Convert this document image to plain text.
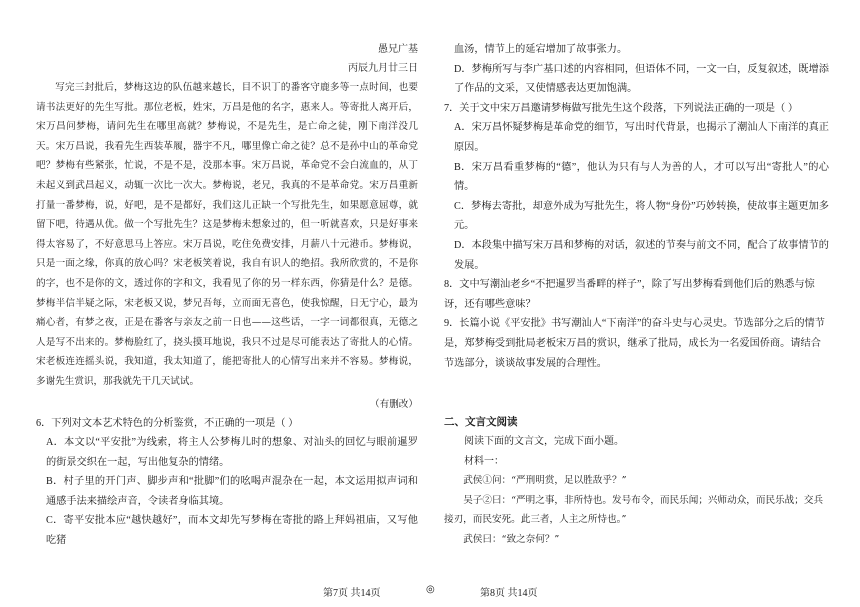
愚兄广基
丙辰九月廿三日

写完三封批后，梦梅这边的队伍越来越长，目不识丁的番客守鹿多等一点时间，也要请书法更好的先生写批。那位老板，姓宋，万昌是他的名字，惠来人。等寄批人离开后，宋万昌问梦梅，请问先生在哪里高就？梦梅说，不是先生，是亡命之徒，刚下南洋没几天。宋万昌说，我看先生西装革履，器宇不凡，哪里像亡命之徒？总不是孙中山的革命党吧？梦梅有些紧张，忙说，不是不是，没那本事。宋万昌说，革命党不会白流血的，从丁未起义到武昌起义，动辄一次比一次大。梦梅说，老兄，我真的不是革命党。宋万昌重新打量一番梦梅，说，好吧，是不是都好，我们这儿正缺一个写批先生，如果愿意屈尊，就留下吧，待遇从优。做一个写批先生？这是梦梅未想象过的，但一听就喜欢，只是好事来得太容易了，不好意思马上答应。宋万昌说，吃住免费安排，月薪八十元港币。梦梅说，只是一面之缘，你真的放心吗？宋老板笑着说，我自有识人的绝招。我所欣赏的，不是你的字，也不是你的文，透过你的字和文，我看见了你的另一样东西，你猜是什么？是德。梦梅半信半疑之际，宋老板又说，梦兄吾每，立而面无喜色，使我惊醒，日无宁心，最为痛心者，有梦之夜，正是在番客与亲友之前一日也——这些话，一字一词都很真，无德之人是写不出来的。梦梅脸红了，挠头摸耳地说，我只不过是尽可能表达了寄批人的心情。宋老板连连摇头说，我知道，我太知道了，能把寄批人的心情写出来并不容易。梦梅说，多谢先生赏识，那我就先干几天试试。

（有删改）

6．下列对文本艺术特色的分析鉴赏，不正确的一项是（ ）

A．本文以“平安批”为线索，将主人公梦梅儿时的想象、对汕头的回忆与眼前暹罗的街景交织在一起，写出他复杂的情绪。

B．村子里的开门声、脚步声和“批脚”们的吆喝声混杂在一起，本文运用拟声词和通感手法来描绘声音，令读者身临其境。

C．寄平安批本应“越快越好”，而本文却先写梦梅在寄批的路上拜妈祖庙，又写他吃猪

血汤，情节上的延宕增加了故事张力。

D．梦梅所写与李广基口述的内容相同，但语体不同，一文一白，反复叙述，既增添了作品的文采，又使情感表达更加饱满。

7．关于文中宋万昌邀请梦梅做写批先生这个段落，下列说法正确的一项是（ ）

A．宋万昌怀疑梦梅是革命党的细节，写出时代背景，也揭示了潮汕人下南洋的真正原因。

B．宋万昌看重梦梅的“德”，他认为只有与人为善的人，才可以写出“寄批人”的心情。

C．梦梅去寄批，却意外成为写批先生，将人物“身份”巧妙转换，使故事主题更加多元。

D．本段集中描写宋万昌和梦梅的对话，叙述的节奏与前文不同，配合了故事情节的发展。

8．文中写潮汕老乡“不把暹罗当番畔的样子”，除了写出梦梅看到他们后的熟悉与惊讶，还有哪些意味？

9．长篇小说《平安批》书写潮汕人“下南洋”的奋斗史与心灵史。节选部分之后的情节是，郑梦梅受到批局老板宋万昌的赏识，继承了批局，成长为一名爱国侨商。请结合节选部分，谈谈故事发展的合理性。

二、文言文阅读

阅读下面的文言文，完成下面小题。

材料一：

武侯①问：“严刑明赏，足以胜敌乎？”

吴子②曰：“严明之事，非所恃也。发号布令，而民乐闻；兴师动众，而民乐战；交兵接刃，而民安死。此三者，人主之所恃也。”

武侯曰：“致之奈何？”

第7页 共14页	◎	第8页 共14页
